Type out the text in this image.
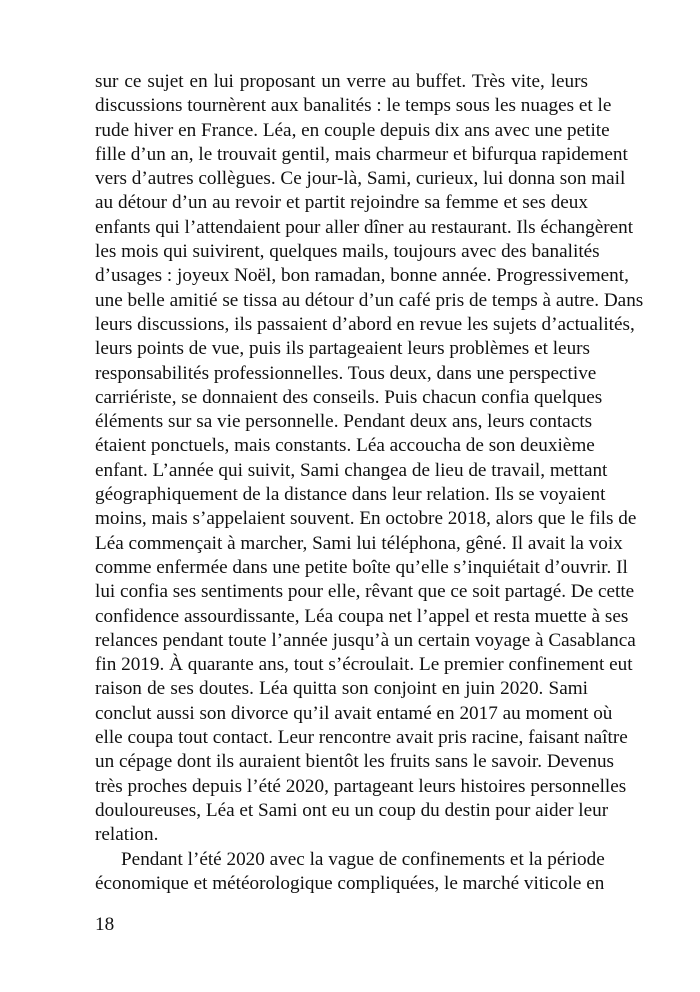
sur ce sujet en lui proposant un verre au buffet. Très vite, leurs
discussions tournèrent aux banalités : le temps sous les nuages et le
rude hiver en France. Léa, en couple depuis dix ans avec une petite
fille d’un an, le trouvait gentil, mais charmeur et bifurqua rapidement
vers d’autres collègues. Ce jour-là, Sami, curieux, lui donna son mail
au détour d’un au revoir et partit rejoindre sa femme et ses deux
enfants qui l’attendaient pour aller dîner au restaurant. Ils échangèrent
les mois qui suivirent, quelques mails, toujours avec des banalités
d’usages : joyeux Noël, bon ramadan, bonne année. Progressivement,
une belle amitié se tissa au détour d’un café pris de temps à autre. Dans
leurs discussions, ils passaient d’abord en revue les sujets d’actualités,
leurs points de vue, puis ils partageaient leurs problèmes et leurs
responsabilités professionnelles. Tous deux, dans une perspective
carriériste, se donnaient des conseils. Puis chacun confia quelques
éléments sur sa vie personnelle. Pendant deux ans, leurs contacts
étaient ponctuels, mais constants. Léa accoucha de son deuxième
enfant. L’année qui suivit, Sami changea de lieu de travail, mettant
géographiquement de la distance dans leur relation. Ils se voyaient
moins, mais s’appelaient souvent. En octobre 2018, alors que le fils de
Léa commençait à marcher, Sami lui téléphona, gêné. Il avait la voix
comme enfermée dans une petite boîte qu’elle s’inquiétait d’ouvrir. Il
lui confia ses sentiments pour elle, rêvant que ce soit partagé. De cette
confidence assourdissante, Léa coupa net l’appel et resta muette à ses
relances pendant toute l’année jusqu’à un certain voyage à Casablanca
fin 2019. À quarante ans, tout s’écroulait. Le premier confinement eut
raison de ses doutes. Léa quitta son conjoint en juin 2020. Sami
conclut aussi son divorce qu’il avait entamé en 2017 au moment où
elle coupa tout contact. Leur rencontre avait pris racine, faisant naître
un cépage dont ils auraient bientôt les fruits sans le savoir. Devenus
très proches depuis l’été 2020, partageant leurs histoires personnelles
douloureuses, Léa et Sami ont eu un coup du destin pour aider leur
relation.
Pendant l’été 2020 avec la vague de confinements et la période
économique et météorologique compliquées, le marché viticole en
18
